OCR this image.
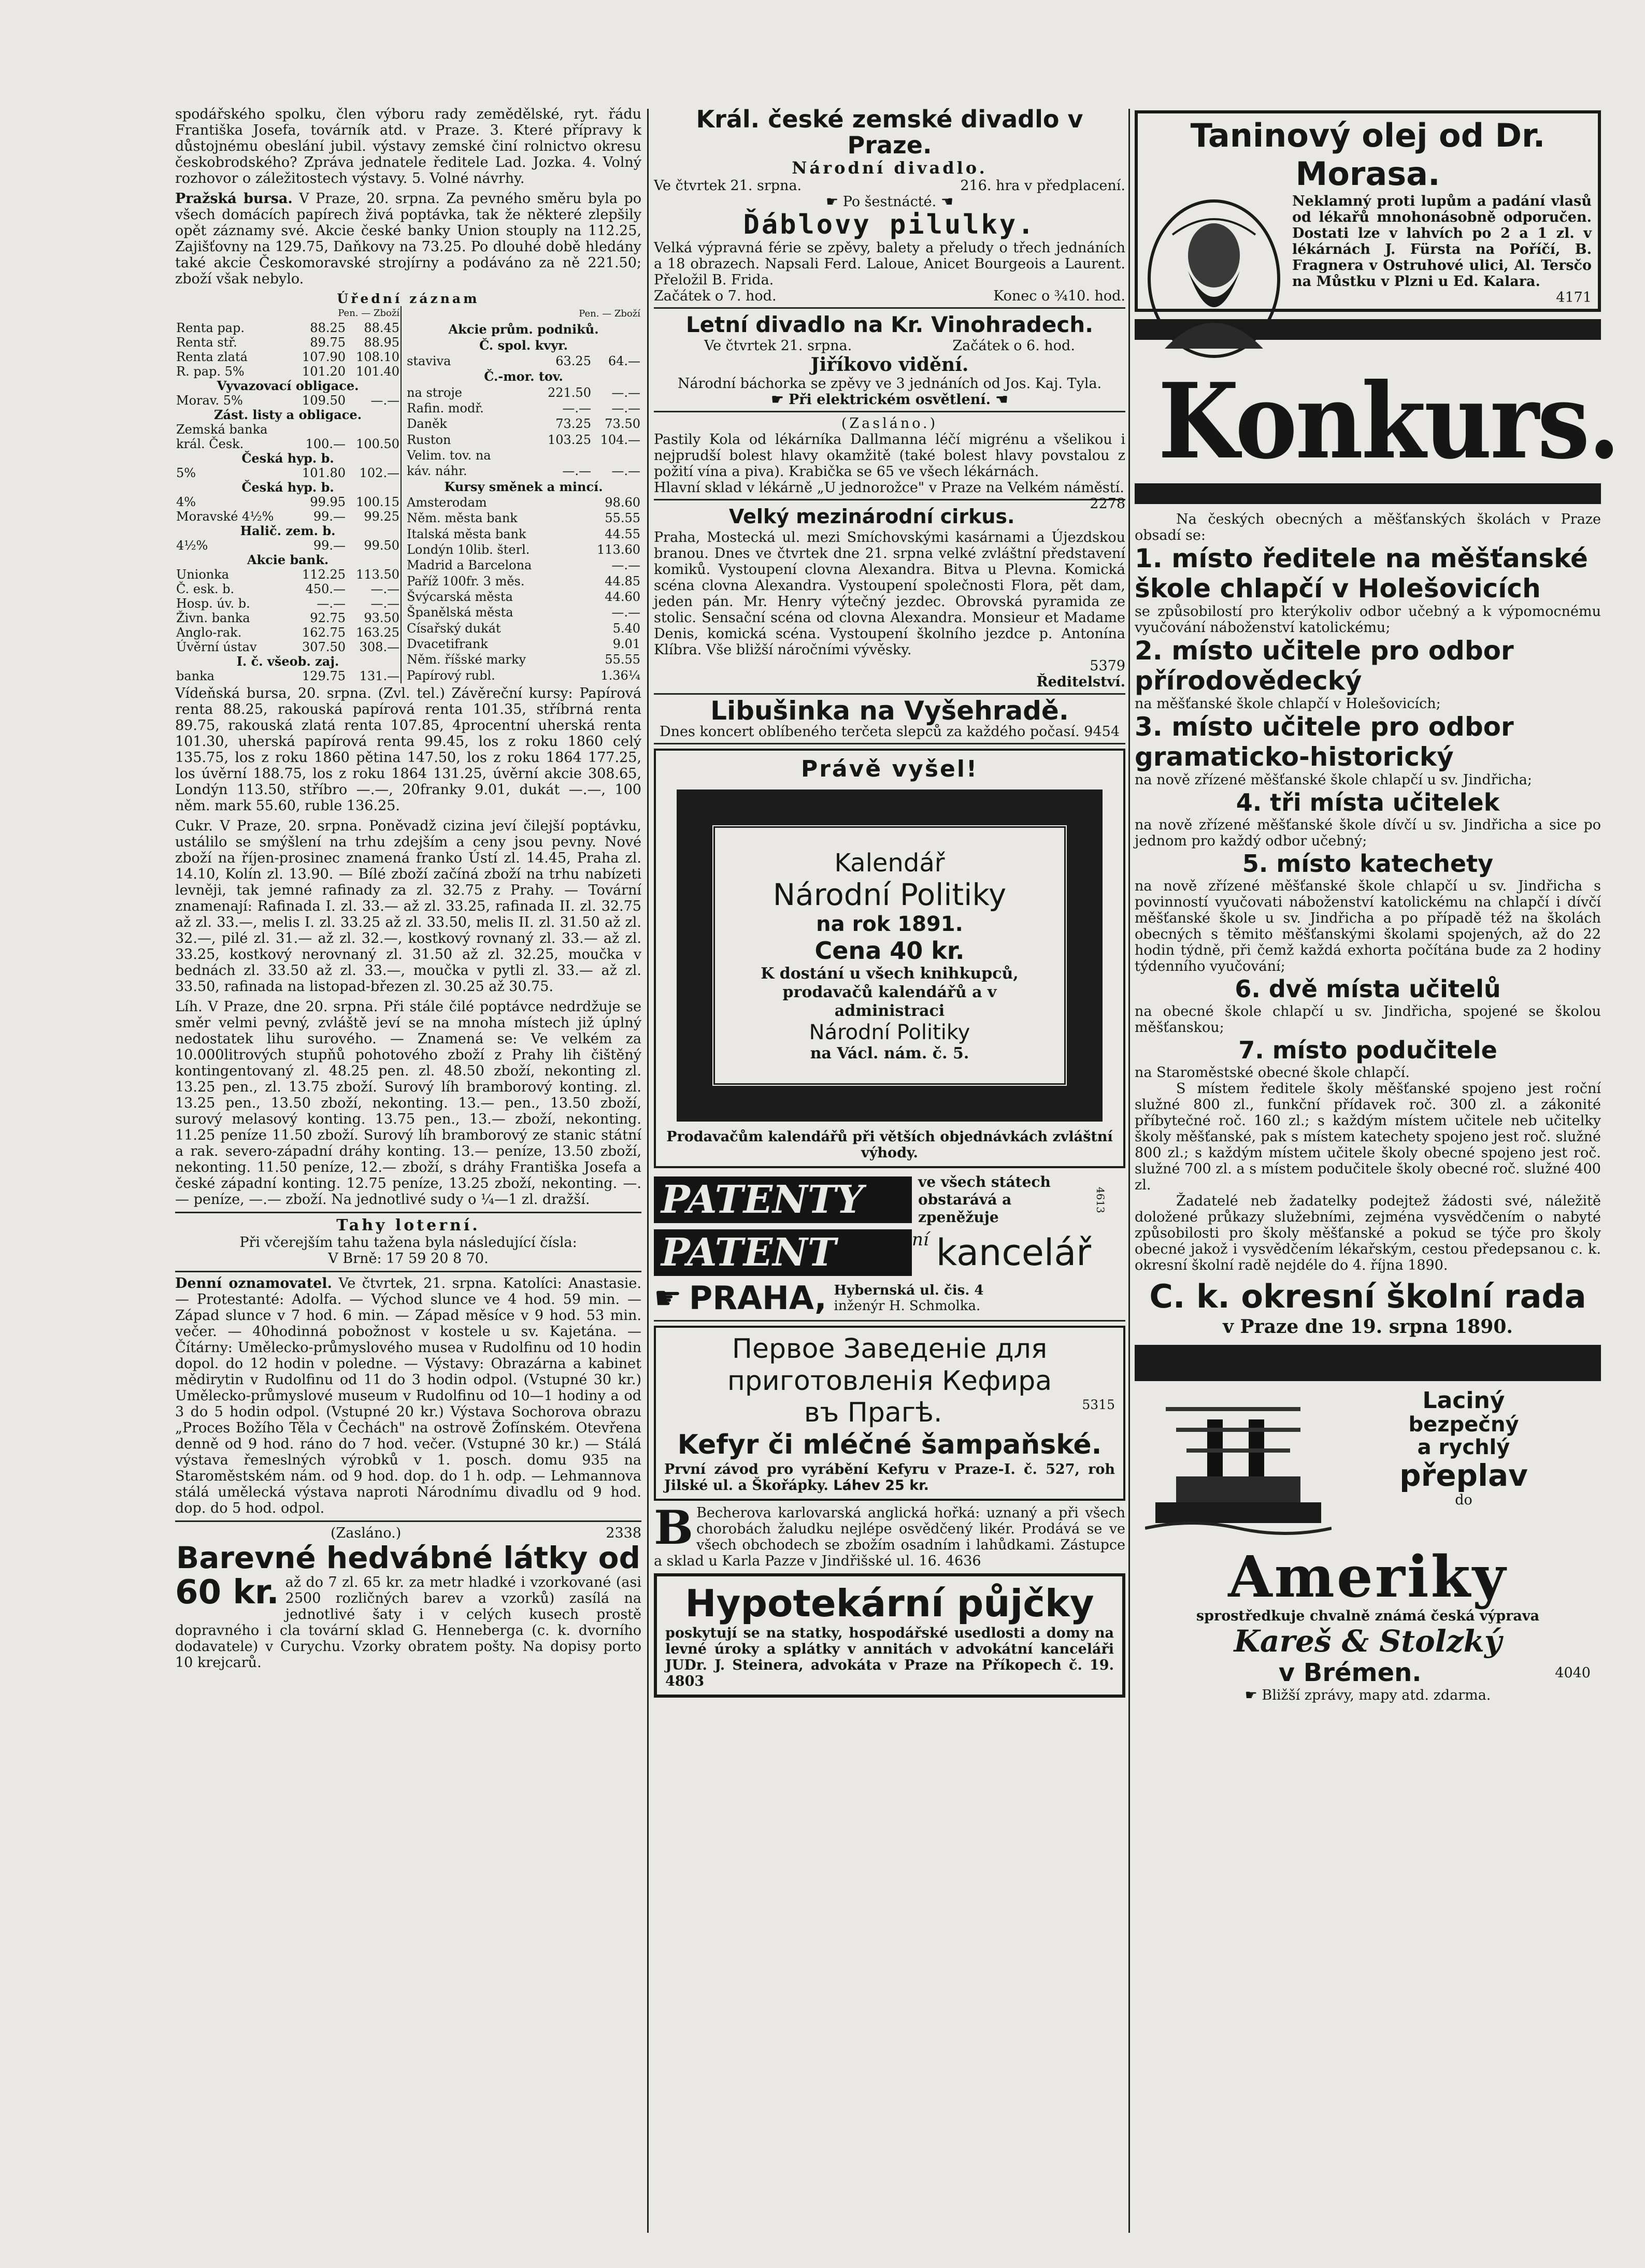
spodářského spolku, člen výboru rady zemědělské, ryt. řádu Františka Josefa, továrník atd. v Praze. 3. Které přípravy k důstojnému obeslání jubil. výstavy zemské činí rolnictvo okresu českobrodského? Zpráva jednatele ředitele Lad. Jozka. 4. Volný rozhovor o záležitostech výstavy. 5. Volné návrhy.

Pražská bursa. V Praze, 20. srpna. Za pevného směru byla po všech domácích papírech živá poptávka, tak že některé zlepšily opět záznamy své. Akcie české banky Union stouply na 112.25, Zajišťovny na 129.75, Daňkovy na 73.25. Po dlouhé době hledány také akcie Českomoravské strojírny a podáváno za ně 221.50; zboží však nebylo.

Úřední záznam

	Pen. — Zboží	
Renta pap.	88.25	88.45
Renta stř.	89.75	88.95
Renta zlatá	107.90	108.10
R. pap. 5%	101.20	101.40
Vyvazovací obligace.		
Morav. 5%	109.50	—.—
Zást. listy a obligace.		
Zemská banka		
král. Česk.	100.—	100.50
Česká hyp. b.		
5%	101.80	102.—
Česká hyp. b.		
4%	99.95	100.15
Moravské 4½%	99.—	99.25
Halič. zem. b.		
4½%	99.—	99.50
Akcie bank.		
Unionka	112.25	113.50
Č. esk. b.	450.—	—.—
Hosp. úv. b.	—.—	—.—
Živn. banka	92.75	93.50
Anglo-rak.	162.75	163.25
Úvěrní ústav	307.50	308.—
I. č. všeob. zaj.		
banka	129.75	131.—
	Pen. — Zboží	
Akcie prům. podniků.		
Č. spol. kvyr.		
staviva	63.25	64.—
Č.-mor. tov.		
na stroje	221.50	—.—
Rafin. modř.	—.—	—.—
Daněk	73.25	73.50
Ruston	103.25	104.—
Velim. tov. na		
káv. náhr.	—.—	—.—
Kursy směnek a mincí.		
Amsterodam		98.60
Něm. města bank		55.55
Italská města bank		44.55
Londýn 10lib. šterl.		113.60
Madrid a Barcelona		—.—
Paříž 100fr. 3 měs.		44.85
Švýcarská města		44.60
Španělská města		—.—
Císařský dukát		5.40
Dvacetifrank		9.01
Něm. říšské marky		55.55
Papírový rubl.		1.36¼

Vídeňská bursa, 20. srpna. (Zvl. tel.) Závěreční kursy: Papírová renta 88.25, rakouská papírová renta 101.35, stříbrná renta 89.75, rakouská zlatá renta 107.85, 4procentní uherská renta 101.30, uherská papírová renta 99.45, los z roku 1860 celý 135.75, los z roku 1860 pětina 147.50, los z roku 1864 177.25, los úvěrní 188.75, los z roku 1864 131.25, úvěrní akcie 308.65, Londýn 113.50, stříbro —.—, 20franky 9.01, dukát —.—, 100 něm. mark 55.60, ruble 136.25.

Cukr. V Praze, 20. srpna. Poněvadž cizina jeví čilejší poptávku, ustálilo se smýšlení na trhu zdejším a ceny jsou pevny. Nové zboží na říjen-prosinec znamená franko Ústí zl. 14.45, Praha zl. 14.10, Kolín zl. 13.90. — Bílé zboží začíná zboží na trhu nabízeti levněji, tak jemné rafinady za zl. 32.75 z Prahy. — Tovární znamenají: Rafinada I. zl. 33.— až zl. 33.25, rafinada II. zl. 32.75 až zl. 33.—, melis I. zl. 33.25 až zl. 33.50, melis II. zl. 31.50 až zl. 32.—, pilé zl. 31.— až zl. 32.—, kostkový rovnaný zl. 33.— až zl. 33.25, kostkový nerovnaný zl. 31.50 až zl. 32.25, moučka v bednách zl. 33.50 až zl. 33.—, moučka v pytli zl. 33.— až zl. 33.50, rafinada na listopad-březen zl. 30.25 až 30.75.

Líh. V Praze, dne 20. srpna. Při stále čilé poptávce nedrdžuje se směr velmi pevný, zvláště jeví se na mnoha místech již úplný nedostatek lihu surového. — Znamená se: Ve velkém za 10.000litrových stupňů pohotového zboží z Prahy lih čištěný kontingentovaný zl. 48.25 pen. zl. 48.50 zboží, nekonting zl. 13.25 pen., zl. 13.75 zboží. Surový líh bramborový konting. zl. 13.25 pen., 13.50 zboží, nekonting. 13.— pen., 13.50 zboží, surový melasový konting. 13.75 pen., 13.— zboží, nekonting. 11.25 peníze 11.50 zboží. Surový líh bramborový ze stanic státní a rak. severo-západní dráhy konting. 13.— peníze, 13.50 zboží, nekonting. 11.50 peníze, 12.— zboží, s dráhy Františka Josefa a české západní konting. 12.75 peníze, 13.25 zboží, nekonting. —.— peníze, —.— zboží. Na jednotlivé sudy o ¼—1 zl. dražší.

Tahy loterní.

Při včerejším tahu tažena byla následující čísla:

V Brně: 17 59 20 8 70.

Denní oznamovatel. Ve čtvrtek, 21. srpna. Katolíci: Anastasie. — Protestanté: Adolfa. — Východ slunce ve 4 hod. 59 min. — Západ slunce v 7 hod. 6 min. — Západ měsíce v 9 hod. 53 min. večer. — 40hodinná pobožnost v kostele u sv. Kajetána. — Čítárny: Umělecko-průmyslového musea v Rudolfinu od 10 hodin dopol. do 12 hodin v poledne. — Výstavy: Obrazárna a kabinet mědirytin v Rudolfinu od 11 do 3 hodin odpol. (Vstupné 30 kr.) Umělecko-průmyslové museum v Rudolfinu od 10—1 hodiny a od 3 do 5 hodin odpol. (Vstupné 20 kr.) Výstava Sochorova obrazu „Proces Božího Těla v Čechách" na ostrově Žofínském. Otevřena denně od 9 hod. ráno do 7 hod. večer. (Vstupné 30 kr.) — Stálá výstava řemeslných výrobků v 1. posch. domu 935 na Staroměstském nám. od 9 hod. dop. do 1 h. odp. — Lehmannova stálá umělecká výstava naproti Národnímu divadlu od 9 hod. dop. do 5 hod. odpol.

(Zasláno.)	2338

Barevné hedvábné látky od

60 kr. až do 7 zl. 65 kr. za metr hladké i vzorkované (asi 2500 rozličných barev a vzorků) zasílá na jednotlivé šaty i v celých kusech prostě dopravného i cla tovární sklad G. Henneberga (c. k. dvorního dodavatele) v Curychu. Vzorky obratem pošty. Na dopisy porto 10 krejcarů.

Král. české zemské divadlo v Praze.

Národní divadlo.

Ve čtvrtek 21. srpna.	216. hra v předplacení.

☛ Po šestnácté. ☚

Ďáblovy pilulky.

Velká výpravná férie se zpěvy, balety a přeludy o třech jednáních a 18 obrazech. Napsali Ferd. Laloue, Anicet Bourgeois a Laurent. Přeložil B. Frida.

Začátek o 7. hod.	Konec o ¾10. hod.

Letní divadlo na Kr. Vinohradech.

Ve čtvrtek 21. srpna.	Začátek o 6. hod.

Jiříkovo vidění.

Národní báchorka se zpěvy ve 3 jednáních od Jos. Kaj. Tyla.

☛ Při elektrickém osvětlení. ☚

(Zasláno.)

Pastily Kola od lékárníka Dallmanna léčí migrénu a všelikou i nejprudší bolest hlavy okamžitě (také bolest hlavy povstalou z požití vína a piva). Krabička se 65 ve všech lékárnách.

Hlavní sklad v lékárně „U jednorožce" v Praze na Velkém náměstí.
2278

Velký mezinárodní cirkus.

Praha, Mostecká ul. mezi Smíchovskými kasárnami a Újezdskou branou. Dnes ve čtvrtek dne 21. srpna velké zvláštní představení komiků. Vystoupení clovna Alexandra. Bitva u Plevna. Komická scéna clovna Alexandra. Vystoupení společnosti Flora, pět dam, jeden pán. Mr. Henry výtečný jezdec. Obrovská pyramida ze stolic. Sensační scéna od clovna Alexandra. Monsieur et Madame Denis, komická scéna. Vystoupení školního jezdce p. Antonína Klíbra. Vše bližší náročními vývěsky.

5379

Ředitelství.

Libušinka na Vyšehradě.

Dnes koncert oblíbeného terčeta slepců za každého počasí. 9454

Právě vyšel!

Kalendář

Národní Politiky

na rok 1891.

Cena 40 kr.

K dostání u všech knihkupců, prodavačů kalendářů a v administraci

Národní Politiky

na Václ. nám. č. 5.

Prodavačům kalendářů při větších objednávkách zvláštní výhody.

PATENTY	ve všech státech obstarává a zpeněžuje
4613
PATENT	ní kancelář
☛ PRAHA, Hybernská ul. čis. 4
inženýr H. Schmolka.

Первое Заведенiе для

приготовленiя Кефира

въ Прагѣ.	5315

Kefyr či mléčné šampaňské.

První závod pro vyrábění Kefyru v Praze-I. č. 527, roh Jilské ul. a Škořápky. Láhev 25 kr.

B Becherova karlovarská anglická hořká: uznaný a při všech chorobách žaludku nejlépe osvědčený likér. Prodává se ve všech obchodech se zbožím osadním i lahůdkami. Zástupce a sklad u Karla Pazze v Jindřišské ul. 16. 4636

Hypotekární půjčky

poskytují se na statky, hospodářské usedlosti a domy na levné úroky a splátky v annitách v advokátní kanceláři JUDr. J. Steinera, advokáta v Praze na Příkopech č. 19. 4803

Taninový olej od Dr. Morasa.

Neklamný proti lupům a padání vlasů od lékařů mnohonásobně odporučen. Dostati lze v lahvích po 2 a 1 zl. v lékárnách J. Fürsta na Poříčí, B. Fragnera v Ostruhové ulici, Al. Tersčo na Můstku v Plzni u Ed. Kalara.

4171

Konkurs.

Na českých obecných a měšťanských školách v Praze obsadí se:

1. místo ředitele na měšťanské škole chlapčí v Holešovicích

se způsobilostí pro kterýkoliv odbor učebný a k výpomocnému vyučování náboženství katolickému;

2. místo učitele pro odbor přírodovědecký

na měšťanské škole chlapčí v Holešovicích;

3. místo učitele pro odbor gramaticko-historický

na nově zřízené měšťanské škole chlapčí u sv. Jindřicha;

4. tři místa učitelek

na nově zřízené měšťanské škole dívčí u sv. Jindřicha a sice po jednom pro každý odbor učebný;

5. místo katechety

na nově zřízené měšťanské škole chlapčí u sv. Jindřicha s povinností vyučovati náboženství katolickému na chlapčí i dívčí měšťanské škole u sv. Jindřicha a po případě též na školách obecných s těmito měšťanskými školami spojených, až do 22 hodin týdně, při čemž každá exhorta počítána bude za 2 hodiny týdenního vyučování;

6. dvě místa učitelů

na obecné škole chlapčí u sv. Jindřicha, spojené se školou měšťanskou;

7. místo podučitele

na Staroměstské obecné škole chlapčí.

S místem ředitele školy měšťanské spojeno jest roční služné 800 zl., funkční přídavek roč. 300 zl. a zákonité příbytečné roč. 160 zl.; s každým místem učitele neb učitelky školy měšťanské, pak s místem katechety spojeno jest roč. služné 800 zl.; s každým místem učitele školy obecné spojeno jest roč. služné 700 zl. a s místem podučitele školy obecné roč. služné 400 zl.

Žadatelé neb žadatelky podejtež žádosti své, náležitě doložené průkazy služebními, zejména vysvědčením o nabyté způsobilosti pro školy měšťanské a pokud se týče pro školy obecné jakož i vysvědčením lékařským, cestou předepsanou c. k. okresní školní radě nejdéle do 4. října 1890.

C. k. okresní školní rada

v Praze dne 19. srpna 1890.

Laciný

bezpečný

a rychlý

přeplav

do

Ameriky

sprostředkuje chvalně známá česká výprava

Kareš & Stolzký

v Brémen.	4040

☛ Bližší zprávy, mapy atd. zdarma.
